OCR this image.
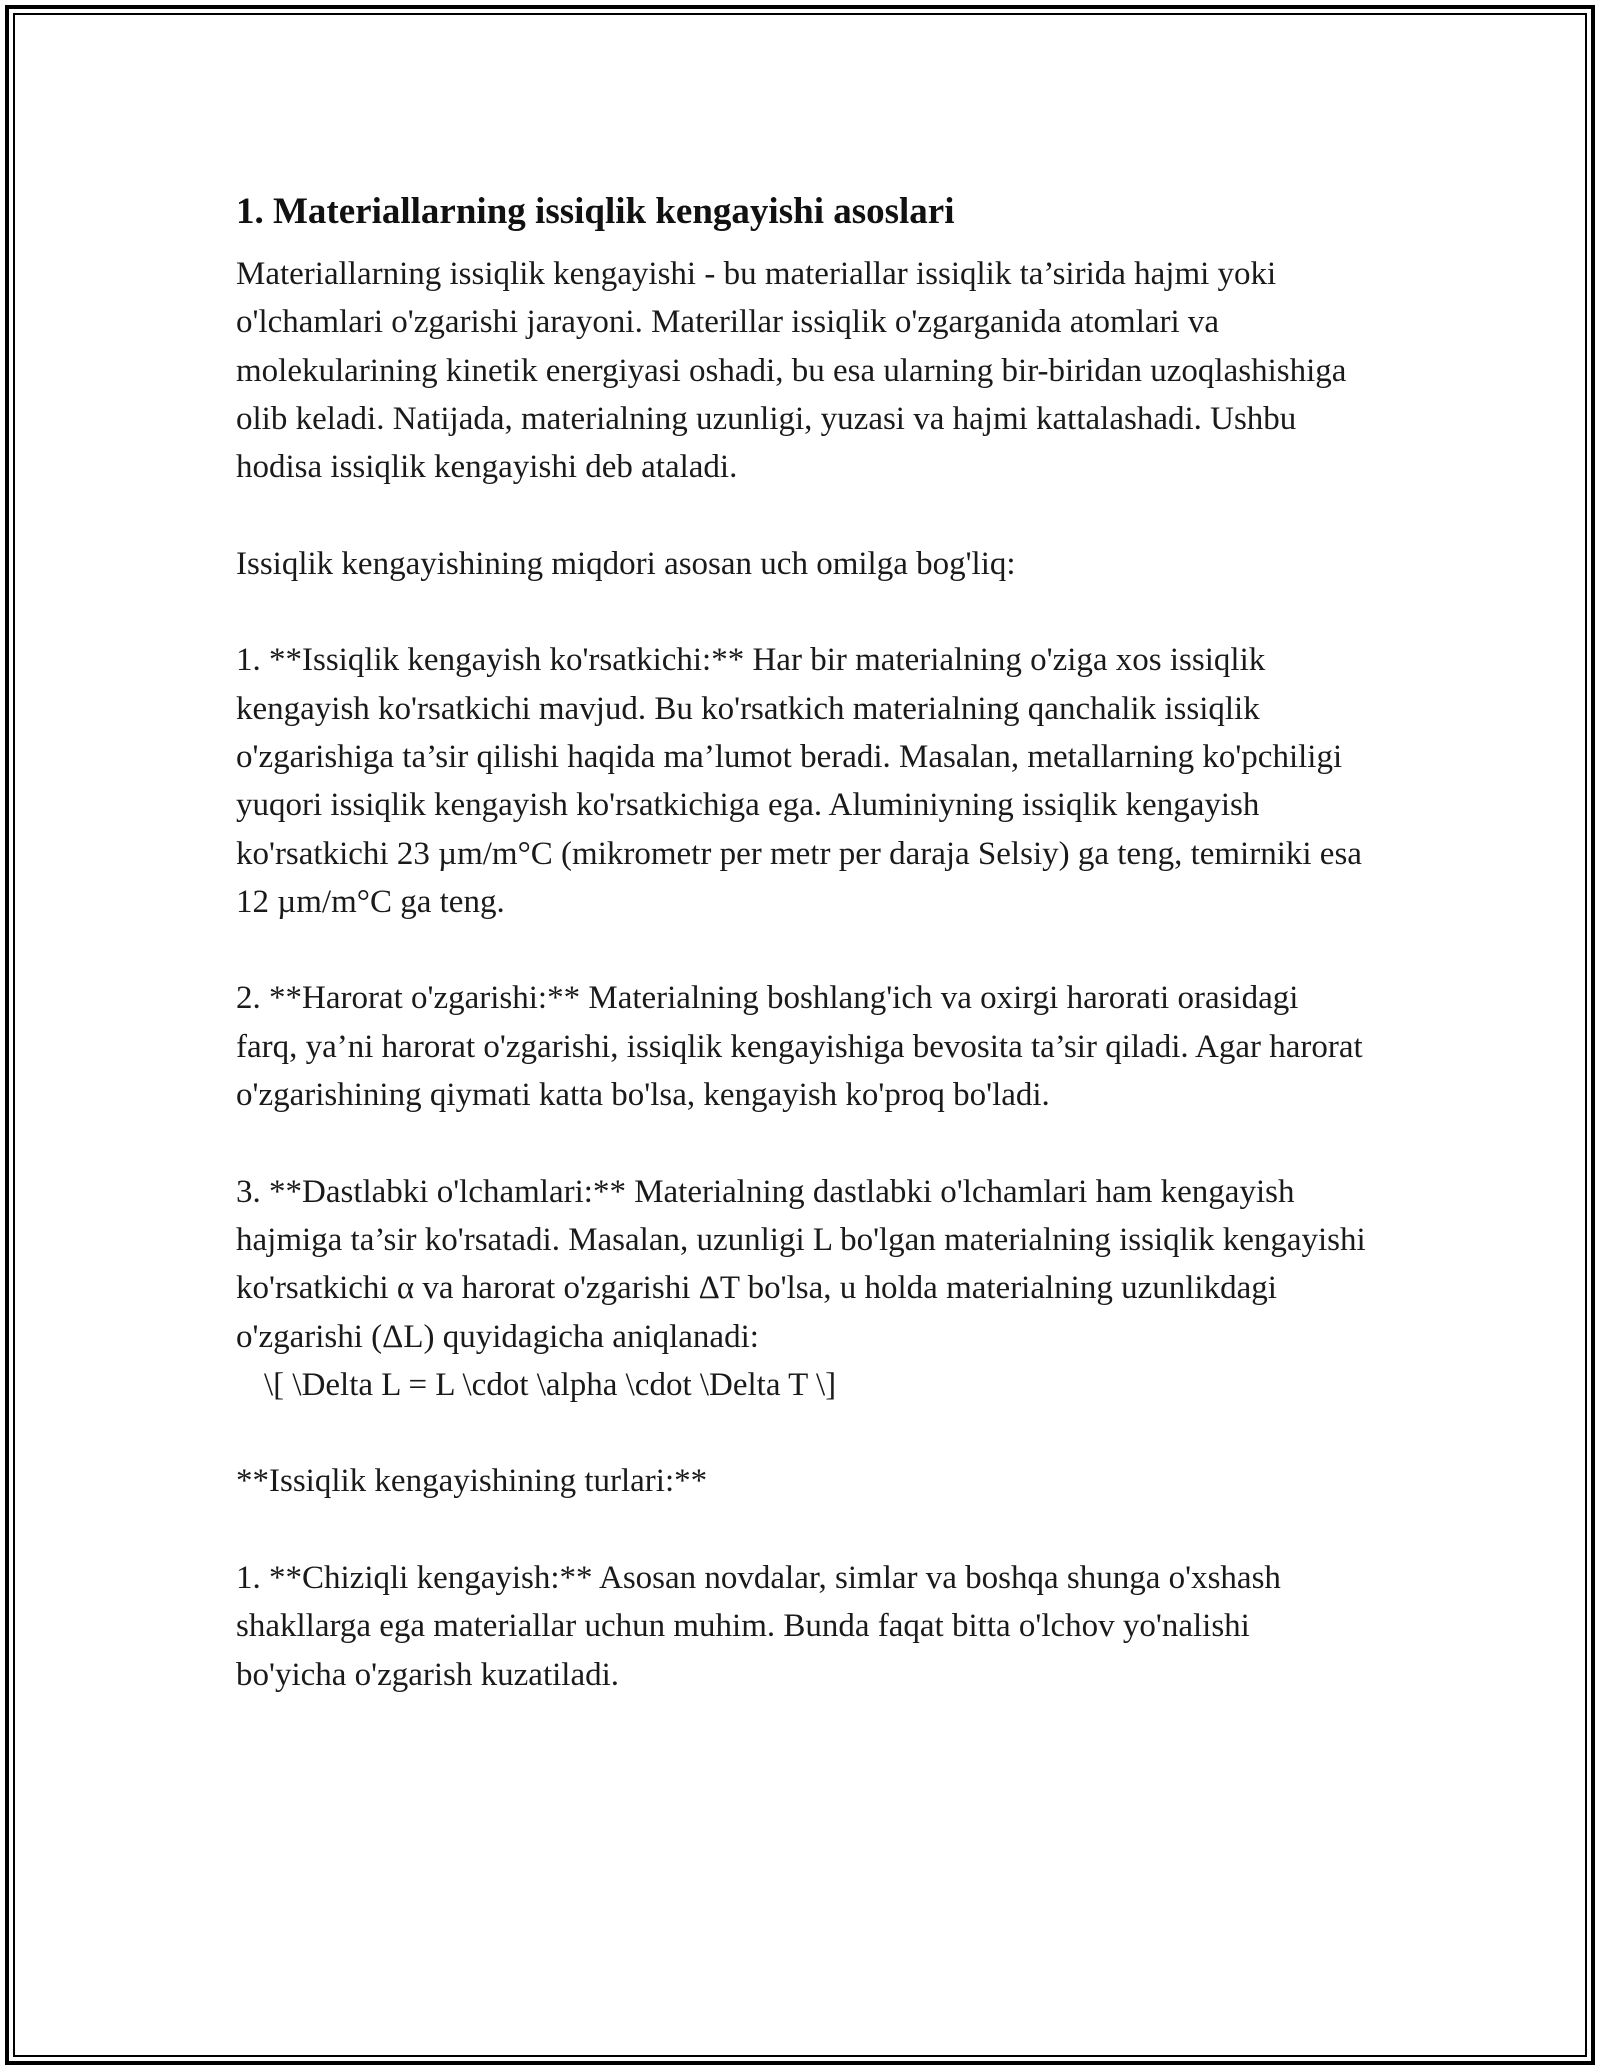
1. Materiallarning issiqlik kengayishi asoslari

Materiallarning issiqlik kengayishi - bu materiallar issiqlik ta’sirida hajmi yoki o'lchamlari o'zgarishi jarayoni. Materillar issiqlik o'zgarganida atomlari va molekularining kinetik energiyasi oshadi, bu esa ularning bir-biridan uzoqlashishiga olib keladi. Natijada, materialning uzunligi, yuzasi va hajmi kattalashadi. Ushbu hodisa issiqlik kengayishi deb ataladi.

Issiqlik kengayishining miqdori asosan uch omilga bog'liq:

1. **Issiqlik kengayish ko'rsatkichi:** Har bir materialning o'ziga xos issiqlik kengayish ko'rsatkichi mavjud. Bu ko'rsatkich materialning qanchalik issiqlik o'zgarishiga ta’sir qilishi haqida ma’lumot beradi. Masalan, metallarning ko'pchiligi yuqori issiqlik kengayish ko'rsatkichiga ega. Aluminiyning issiqlik kengayish ko'rsatkichi 23 µm/m°C (mikrometr per metr per daraja Selsiy) ga teng, temirniki esa 12 µm/m°C ga teng.

2. **Harorat o'zgarishi:** Materialning boshlang'ich va oxirgi harorati orasidagi farq, ya’ni harorat o'zgarishi, issiqlik kengayishiga bevosita ta’sir qiladi. Agar harorat o'zgarishining qiymati katta bo'lsa, kengayish ko'proq bo'ladi.

3. **Dastlabki o'lchamlari:** Materialning dastlabki o'lchamlari ham kengayish hajmiga ta’sir ko'rsatadi. Masalan, uzunligi L bo'lgan materialning issiqlik kengayishi ko'rsatkichi α va harorat o'zgarishi ΔT bo'lsa, u holda materialning uzunlikdagi o'zgarishi (ΔL) quyidagicha aniqlanadi:
\[ \Delta L = L \cdot \alpha \cdot \Delta T \]

**Issiqlik kengayishining turlari:**

1. **Chiziqli kengayish:** Asosan novdalar, simlar va boshqa shunga o'xshash shakllarga ega materiallar uchun muhim. Bunda faqat bitta o'lchov yo'nalishi bo'yicha o'zgarish kuzatiladi.
